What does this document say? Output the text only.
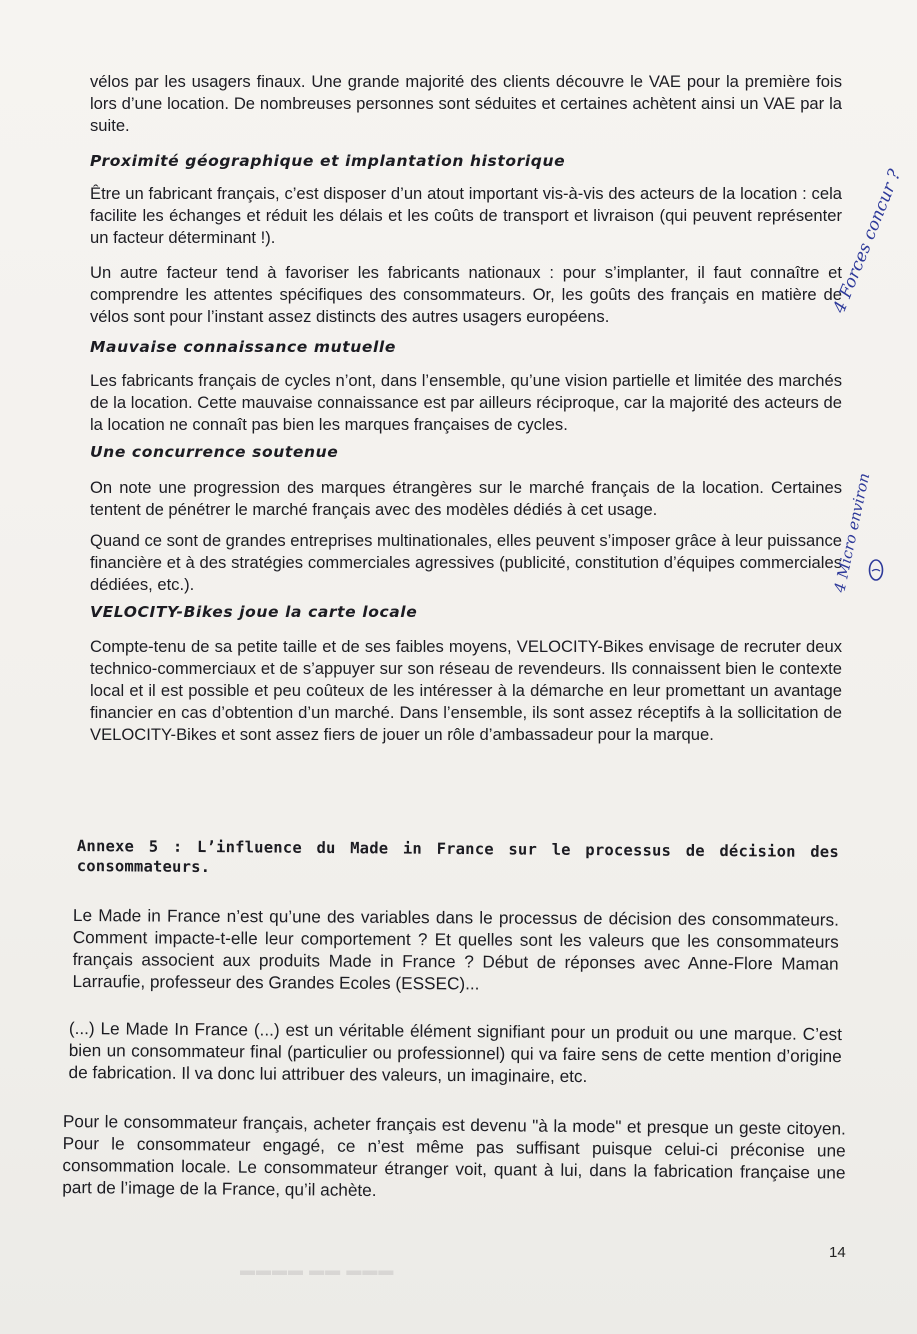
vélos par les usagers finaux. Une grande majorité des clients découvre le VAE pour la première fois lors d’une location. De nombreuses personnes sont séduites et certaines achètent ainsi un VAE par la suite.

Proximité géographique et implantation historique

Être un fabricant français, c’est disposer d’un atout important vis-à-vis des acteurs de la location : cela facilite les échanges et réduit les délais et les coûts de transport et livraison (qui peuvent représenter un facteur déterminant !).

Un autre facteur tend à favoriser les fabricants nationaux : pour s’implanter, il faut connaître et comprendre les attentes spécifiques des consommateurs. Or, les goûts des français en matière de vélos sont pour l’instant assez distincts des autres usagers européens.

Mauvaise connaissance mutuelle

Les fabricants français de cycles n’ont, dans l’ensemble, qu’une vision partielle et limitée des marchés de la location. Cette mauvaise connaissance est par ailleurs réciproque, car la majorité des acteurs de la location ne connaît pas bien les marques françaises de cycles.

Une concurrence soutenue

On note une progression des marques étrangères sur le marché français de la location. Certaines tentent de pénétrer le marché français avec des modèles dédiés à cet usage.

Quand ce sont de grandes entreprises multinationales, elles peuvent s’imposer grâce à leur puissance financière et à des stratégies commerciales agressives (publicité, constitution d’équipes commerciales dédiées, etc.).

VELOCITY-Bikes joue la carte locale

Compte-tenu de sa petite taille et de ses faibles moyens, VELOCITY-Bikes envisage de recruter deux technico-commerciaux et de s’appuyer sur son réseau de revendeurs. Ils connaissent bien le contexte local et il est possible et peu coûteux de les intéresser à la démarche en leur promettant un avantage financier en cas d’obtention d’un marché. Dans l’ensemble, ils sont assez réceptifs à la sollicitation de VELOCITY-Bikes et sont assez fiers de jouer un rôle d’ambassadeur pour la marque.

Annexe 5 : L’influence du Made in France sur le processus de décision des consommateurs.

Le Made in France n’est qu’une des variables dans le processus de décision des consommateurs. Comment impacte-t-elle leur comportement ? Et quelles sont les valeurs que les consommateurs français associent aux produits Made in France ? Début de réponses avec Anne-Flore Maman Larraufie, professeur des Grandes Ecoles (ESSEC)...

(...) Le Made In France (...) est un véritable élément signifiant pour un produit ou une marque. C’est bien un consommateur final (particulier ou professionnel) qui va faire sens de cette mention d’origine de fabrication. Il va donc lui attribuer des valeurs, un imaginaire, etc.

Pour le consommateur français, acheter français est devenu "à la mode" et presque un geste citoyen. Pour le consommateur engagé, ce n’est même pas suffisant puisque celui-ci préconise une consommation locale. Le consommateur étranger voit, quant à lui, dans la fabrication française une part de l’image de la France, qu’il achète.

14
▬▬▬▬ ▬▬ ▬▬▬
4 Forces concur ?
4 Micro environ
